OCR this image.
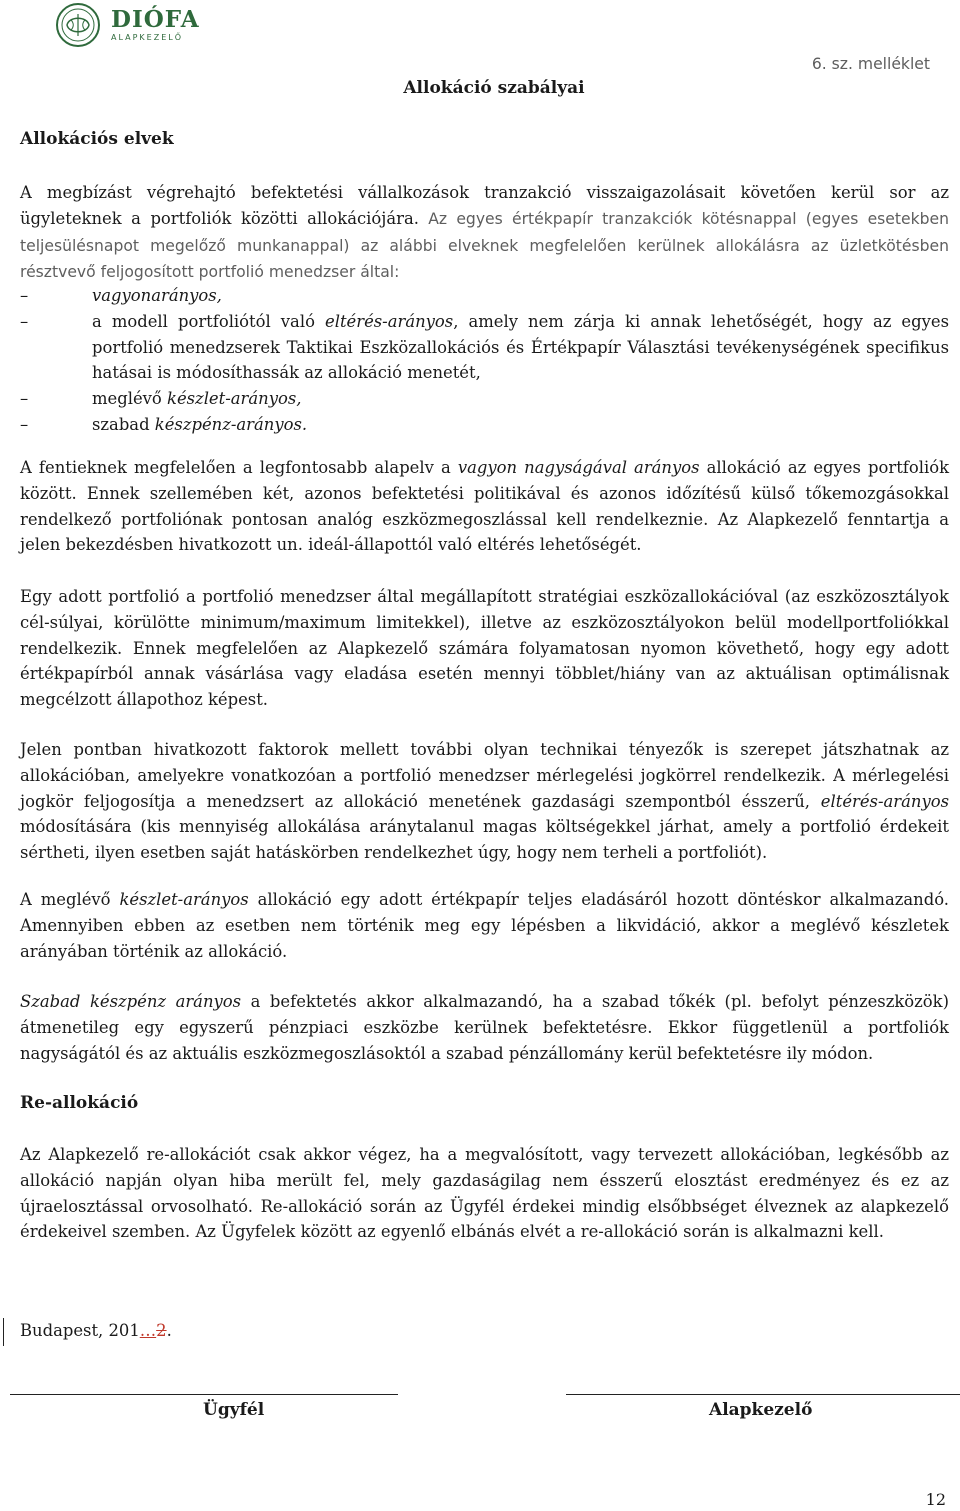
DIÓFA
ALAPKEZELŐ
6. sz. melléklet
Allokáció szabályai
Allokációs elvek
A megbízást végrehajtó befektetési vállalkozások tranzakció visszaigazolásait követően kerül sor az ügyleteknek a portfoliók közötti allokációjára. Az egyes értékpapír tranzakciók kötésnappal (egyes esetekben teljesülésnapot megelőző munkanappal) az alábbi elveknek megfelelően kerülnek allokálásra az üzletkötésben résztvevő feljogosított portfolió menedzser által:
–	vagyonarányos,
–	a modell portfoliótól való eltérés-arányos, amely nem zárja ki annak lehetőségét, hogy az egyes portfolió menedzserek Taktikai Eszközallokációs és Értékpapír Választási tevékenységének specifikus hatásai is módosíthassák az allokáció menetét,
–	meglévő készlet-arányos,
–	szabad készpénz-arányos.
A fentieknek megfelelően a legfontosabb alapelv a vagyon nagyságával arányos allokáció az egyes portfoliók között. Ennek szellemében két, azonos befektetési politikával és azonos időzítésű külső tőkemozgásokkal rendelkező portfoliónak pontosan analóg eszközmegoszlással kell rendelkeznie. Az Alapkezelő fenntartja a jelen bekezdésben hivatkozott un. ideál-állapottól való eltérés lehetőségét.
Egy adott portfolió a portfolió menedzser által megállapított stratégiai eszközallokációval (az eszközosztályok cél-súlyai, körülötte minimum/maximum limitekkel), illetve az eszközosztályokon belül modellportfoliókkal rendelkezik. Ennek megfelelően az Alapkezelő számára folyamatosan nyomon követhető, hogy egy adott értékpapírból annak vásárlása vagy eladása esetén mennyi többlet/hiány van az aktuálisan optimálisnak megcélzott állapothoz képest.
Jelen pontban hivatkozott faktorok mellett további olyan technikai tényezők is szerepet játszhatnak az allokációban, amelyekre vonatkozóan a portfolió menedzser mérlegelési jogkörrel rendelkezik. A mérlegelési jogkör feljogosítja a menedzsert az allokáció menetének gazdasági szempontból ésszerű, eltérés-arányos módosítására (kis mennyiség allokálása aránytalanul magas költségekkel járhat, amely a portfolió érdekeit sértheti, ilyen esetben saját hatáskörben rendelkezhet úgy, hogy nem terheli a portfoliót).
A meglévő készlet-arányos allokáció egy adott értékpapír teljes eladásáról hozott döntéskor alkalmazandó. Amennyiben ebben az esetben nem történik meg egy lépésben a likvidáció, akkor a meglévő készletek arányában történik az allokáció.
Szabad készpénz arányos a befektetés akkor alkalmazandó, ha a szabad tőkék (pl. befolyt pénzeszközök) átmenetileg egy egyszerű pénzpiaci eszközbe kerülnek befektetésre. Ekkor függetlenül a portfoliók nagyságától és az aktuális eszközmegoszlásoktól a szabad pénzállomány kerül befektetésre ily módon.
Re-allokáció
Az Alapkezelő re-allokációt csak akkor végez, ha a megvalósított, vagy tervezett allokációban, legkésőbb az allokáció napján olyan hiba merült fel, mely gazdaságilag nem ésszerű elosztást eredményez és ez az újraelosztással orvosolható. Re-allokáció során az Ügyfél érdekei mindig elsőbbséget élveznek az alapkezelő érdekeivel szemben. Az Ügyfelek között az egyenlő elbánás elvét a re-allokáció során is alkalmazni kell.
Budapest, 201…2.
Ügyfél	Alapkezelő
12
